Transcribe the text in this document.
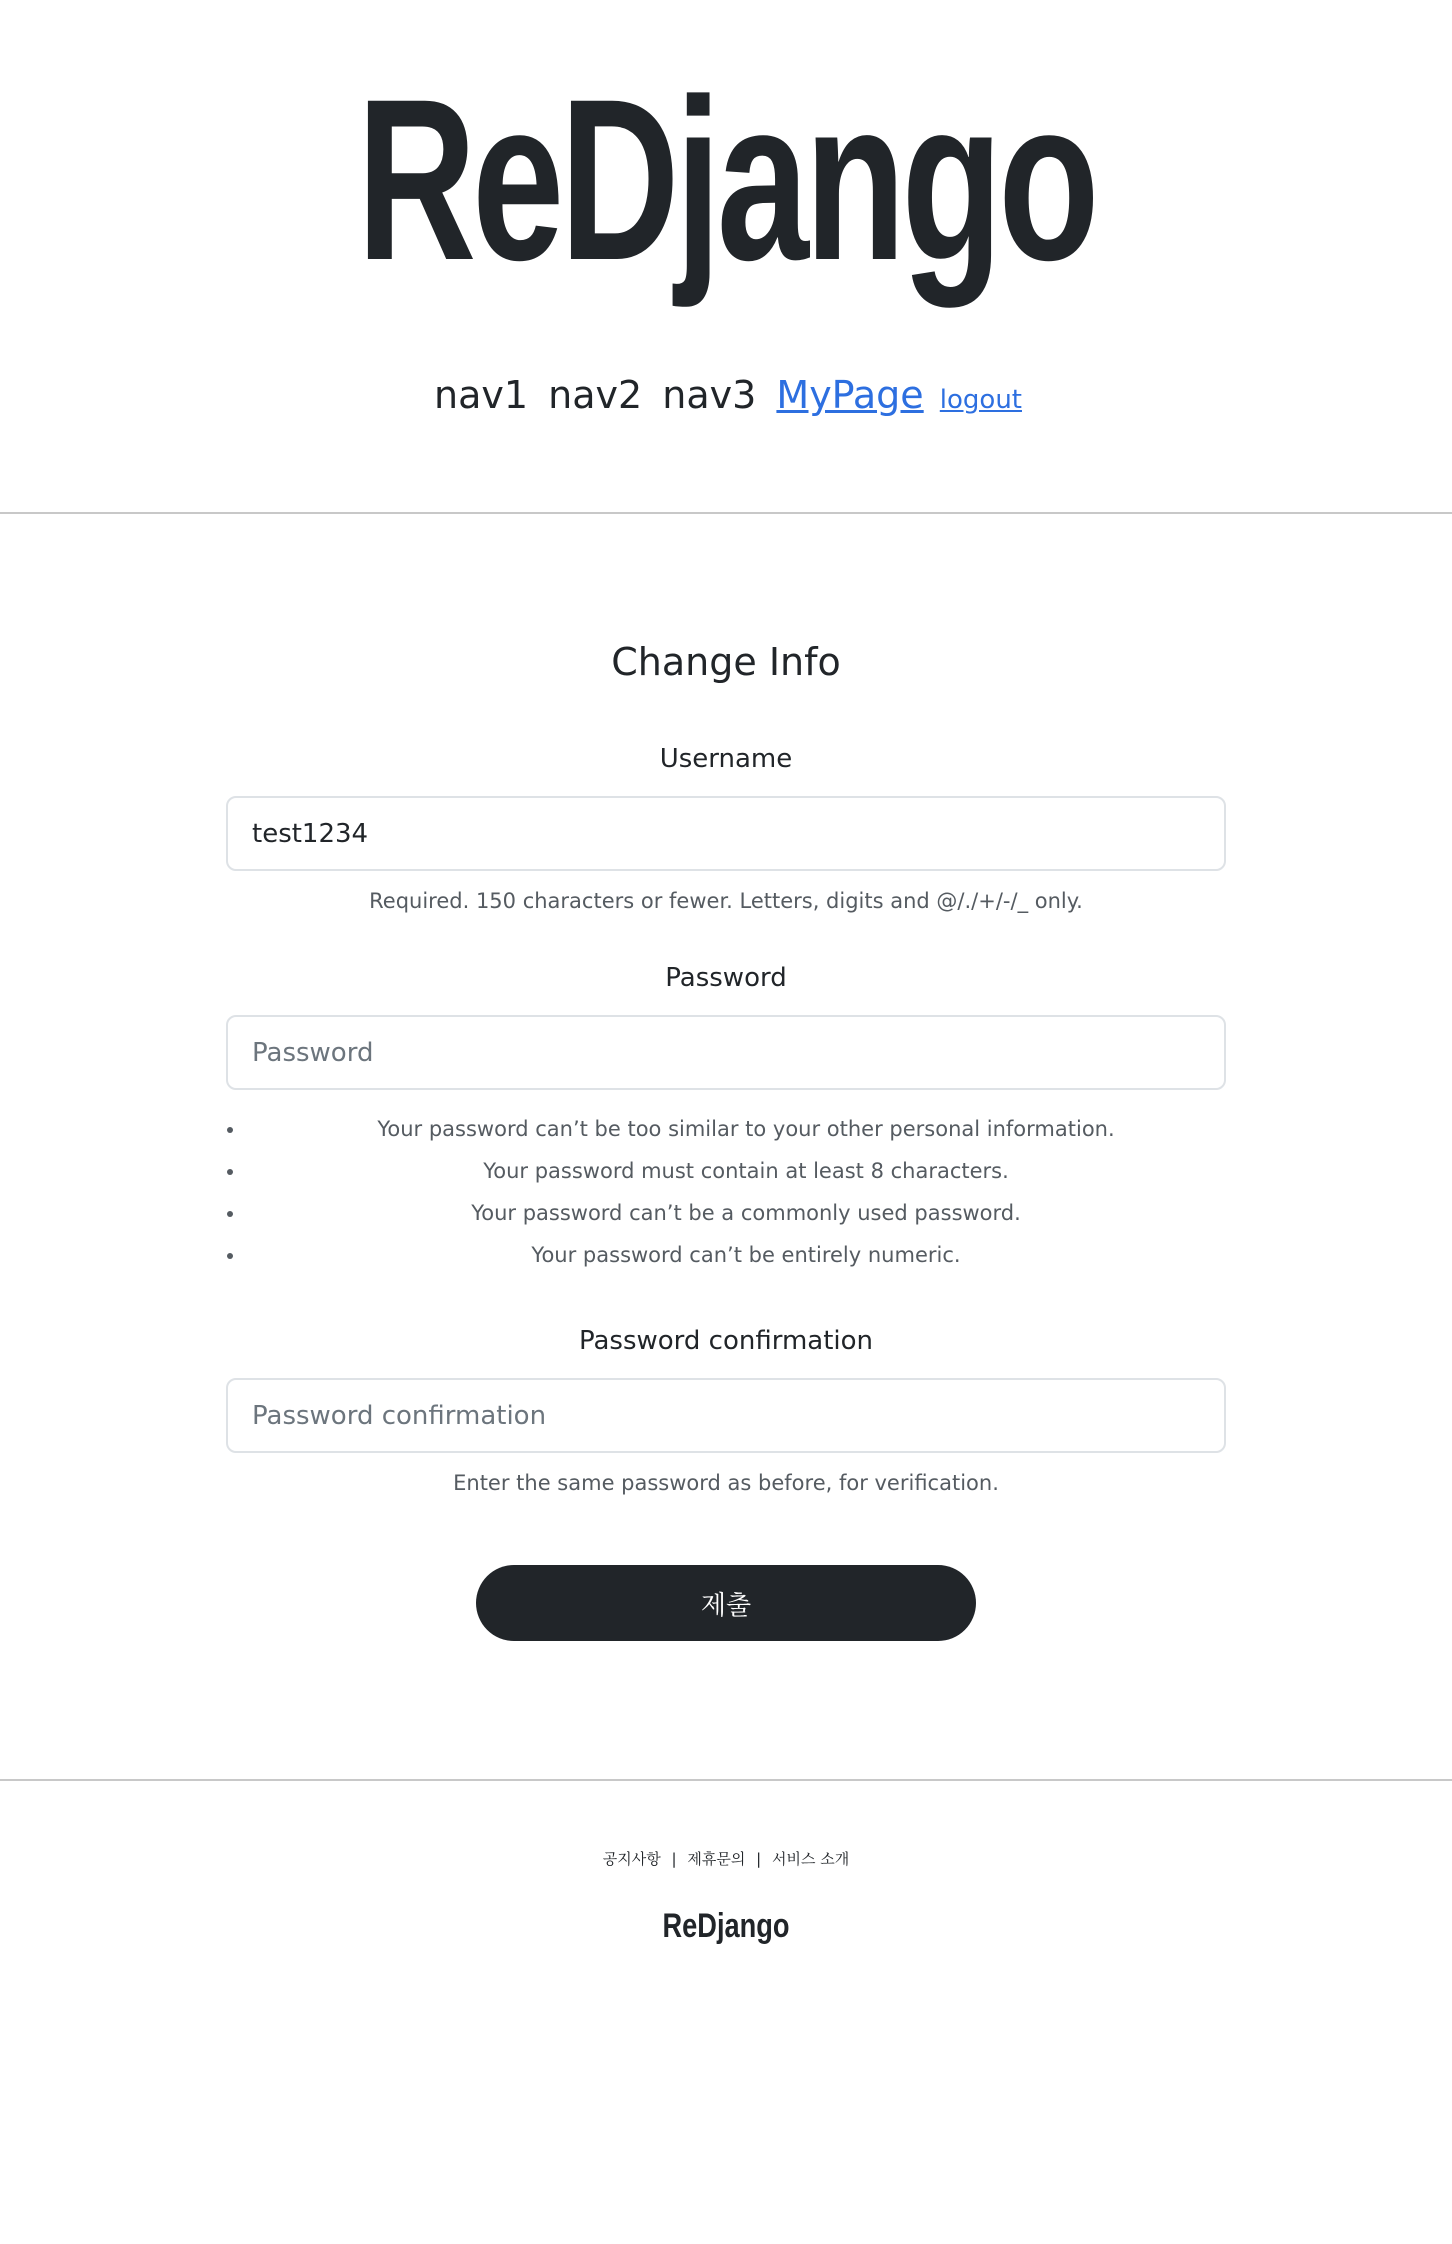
ReDjango
nav1 nav2 nav3 MyPage logout
Change Info
Username
test1234
Required. 150 characters or fewer. Letters, digits and @/./+/-/_ only.
Password
• Your password can’t be too similar to your other personal information.
• Your password must contain at least 8 characters.
• Your password can’t be a commonly used password.
• Your password can’t be entirely numeric.
Password confirmation
Enter the same password as before, for verification.
제출
공지사항 | 제휴문의 | 서비스 소개
ReDjango
